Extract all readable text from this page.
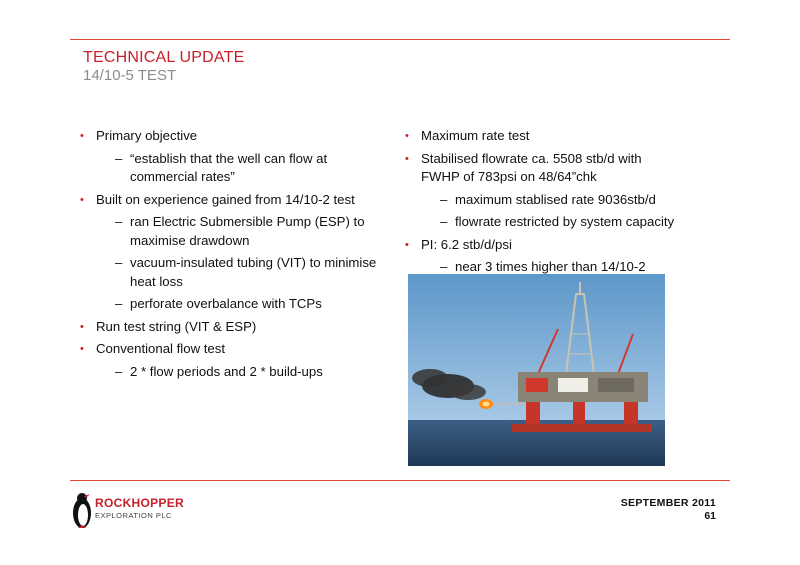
TECHNICAL UPDATE
14/10-5 TEST
• Primary objective
– “establish that the well can flow at commercial rates”
• Built on experience gained from 14/10-2 test
– ran Electric Submersible Pump (ESP) to maximise drawdown
– vacuum-insulated tubing (VIT) to minimise heat loss
– perforate overbalance with TCPs
• Run test string (VIT & ESP)
• Conventional flow test
– 2 * flow periods and 2 * build-ups
• Maximum rate test
• Stabilised flowrate ca. 5508 stb/d with FWHP of 783psi on 48/64”chk
– maximum stablised rate 9036stb/d
– flowrate restricted by system capacity
• PI: 6.2 stb/d/psi
– near 3 times higher than 14/10-2
ROCKHOPPER
EXPLORATION PLC
SEPTEMBER 2011
61
